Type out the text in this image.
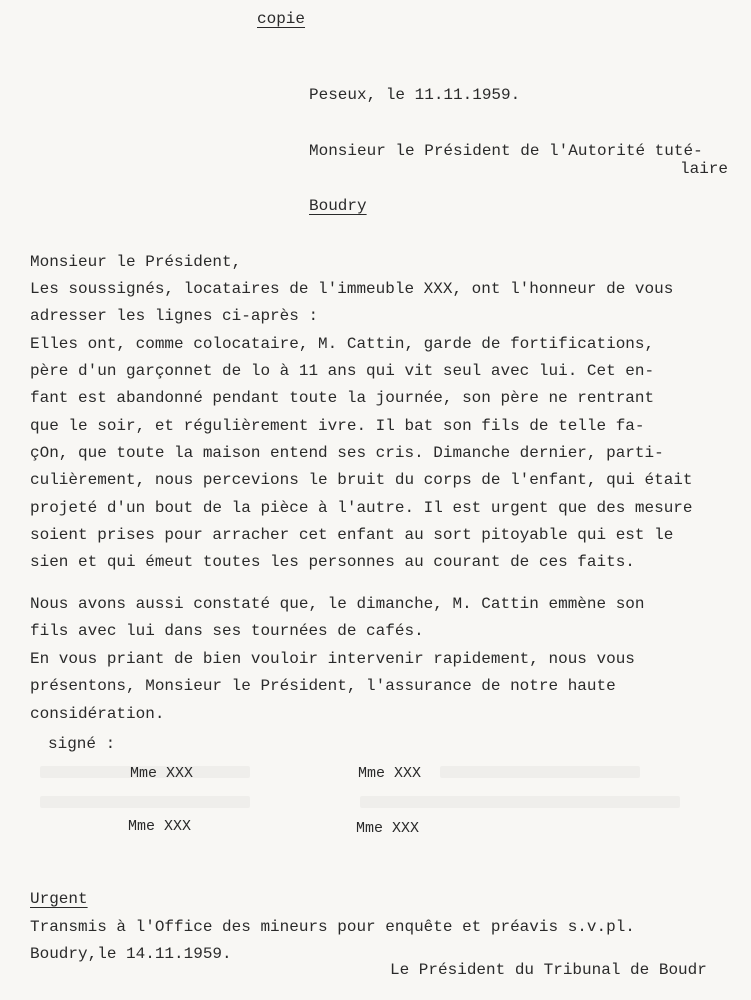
copie
Peseux, le 11.11.1959.
Monsieur le Président de l'Autorité tuté-
laire
Boudry
Monsieur le Président,
Les soussignés, locataires de l'immeuble XXX, ont l'honneur de vous
adresser les lignes ci-après :
Elles ont, comme colocataire, M. Cattin, garde de fortifications,
père d'un garçonnet de lo à 11 ans qui vit seul avec lui. Cet en-
fant est abandonné pendant toute la journée, son père ne rentrant
que le soir, et régulièrement ivre. Il bat son fils de telle fa-
çOn, que toute la maison entend ses cris. Dimanche dernier, parti-
culièrement, nous percevions le bruit du corps de l'enfant, qui était
projeté d'un bout de la pièce à l'autre. Il est urgent que des mesure
soient prises pour arracher cet enfant au sort pitoyable qui est le
sien et qui émeut toutes les personnes au courant de ces faits.
Nous avons aussi constaté que, le dimanche, M. Cattin emmène son
fils avec lui dans ses tournées de cafés.
En vous priant de bien vouloir intervenir rapidement, nous vous
présentons, Monsieur le Président, l'assurance de notre haute
considération.
signé :
Mme XXX	Mme XXX
Mme XXX	Mme XXX
Urgent
Transmis à l'Office des mineurs pour enquête et préavis s.v.pl.
Boudry,le 14.11.1959.
Le Président du Tribunal de Boudr
